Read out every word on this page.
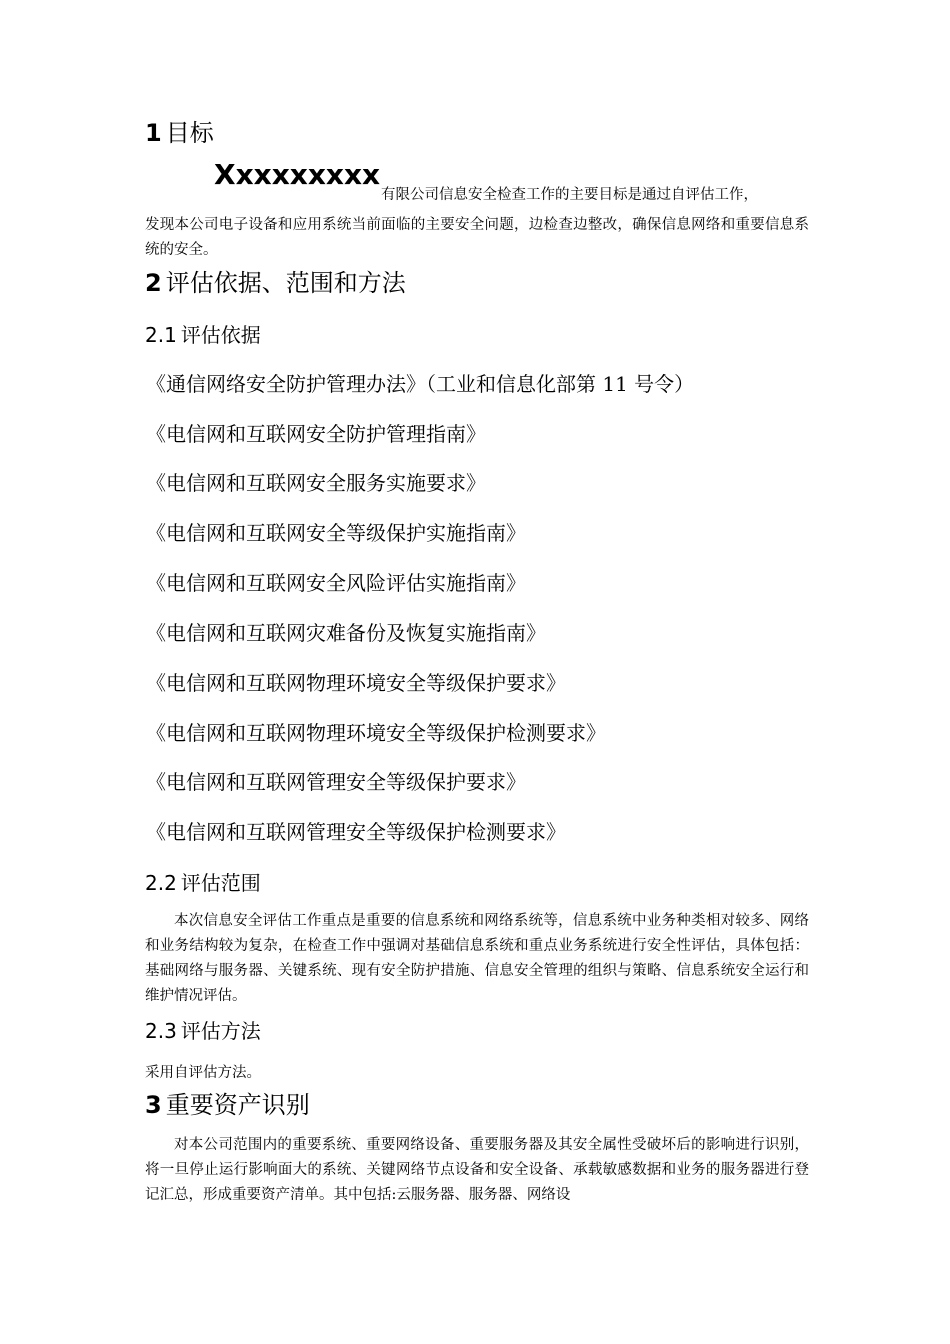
1 目标
Xxxxxxxxx
有限公司信息安全检查工作的主要目标是通过自评估工作，

发现本公司电子设备和应用系统当前面临的主要安全问题，边检查边整改，确保信息网络和重要信息系统的安全。

2 评估依据、范围和方法
2.1 评估依据
《通信网络安全防护管理办法》（工业和信息化部第 11 号令）
《电信网和互联网安全防护管理指南》
《电信网和互联网安全服务实施要求》
《电信网和互联网安全等级保护实施指南》
《电信网和互联网安全风险评估实施指南》
《电信网和互联网灾难备份及恢复实施指南》
《电信网和互联网物理环境安全等级保护要求》
《电信网和互联网物理环境安全等级保护检测要求》
《电信网和互联网管理安全等级保护要求》
《电信网和互联网管理安全等级保护检测要求》
2.2 评估范围

本次信息安全评估工作重点是重要的信息系统和网络系统等，信息系统中业务种类相对较多、网络和业务结构较为复杂，在检查工作中强调对基础信息系统和重点业务系统进行安全性评估，具体包括：基础网络与服务器、关键系统、现有安全防护措施、信息安全管理的组织与策略、信息系统安全运行和维护情况评估。

2.3 评估方法

采用自评估方法。

3 重要资产识别

对本公司范围内的重要系统、重要网络设备、重要服务器及其安全属性受破坏后的影响进行识别，将一旦停止运行影响面大的系统、关键网络节点设备和安全设备、承载敏感数据和业务的服务器进行登记汇总，形成重要资产清单。其中包括:云服务器、服务器、网络设
